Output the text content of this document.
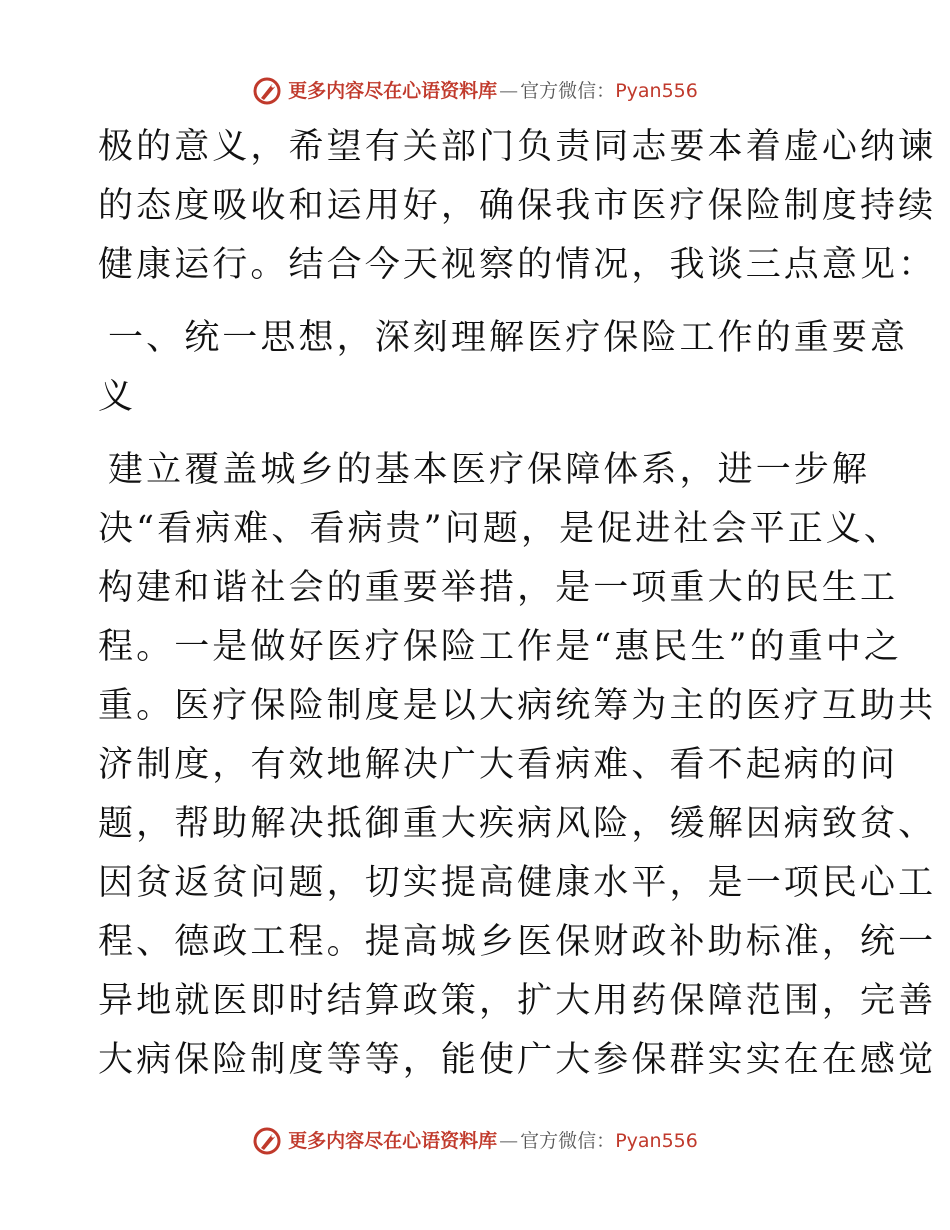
更多内容尽在心语资料库 — 官方微信： Pyan556
极的意义，希望有关部门负责同志要本着虚心纳谏
的态度吸收和运用好，确保我市医疗保险制度持续
健康运行。结合今天视察的情况，我谈三点意见：
一、统一思想，深刻理解医疗保险工作的重要意
义
建立覆盖城乡的基本医疗保障体系，进一步解
决“看病难、看病贵”问题，是促进社会平正义、
构建和谐社会的重要举措，是一项重大的民生工
程。一是做好医疗保险工作是“惠民生”的重中之
重。医疗保险制度是以大病统筹为主的医疗互助共
济制度，有效地解决广大看病难、看不起病的问
题，帮助解决抵御重大疾病风险，缓解因病致贫、
因贫返贫问题，切实提高健康水平，是一项民心工
程、德政工程。提高城乡医保财政补助标准，统一
异地就医即时结算政策，扩大用药保障范围，完善
大病保险制度等等，能使广大参保群实实在在感觉
更多内容尽在心语资料库 — 官方微信： Pyan556
